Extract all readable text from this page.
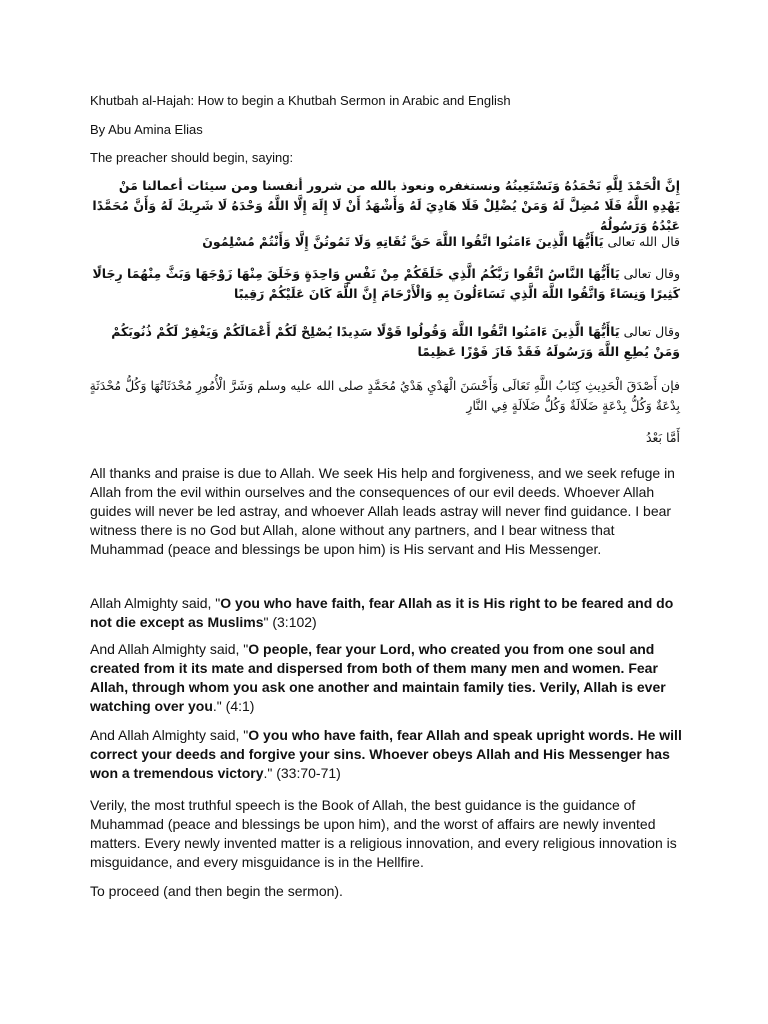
Khutbah al-Hajah: How to begin a Khutbah Sermon in Arabic and English
By Abu Amina Elias
The preacher should begin, saying:
إِنَّ الْحَمْدَ لِلَّهِ نَحْمَدُهُ وَنَسْتَعِينُهُ ونستغفره ونعوذ بالله من شرور أنفسنا ومن سيئات أعمالنا مَنْ يَهْدِهِ اللَّهُ فَلَا مُضِلَّ لَهُ وَمَنْ يُضْلِلْ فَلَا هَادِيَ لَهُ وَأَشْهَدُ أَنْ لَا إِلَهَ إِلَّا اللَّهُ وَحْدَهُ لَا شَرِيكَ لَهُ وَأَنَّ مُحَمَّدًا عَبْدُهُ وَرَسُولُهُ
قال الله تعالى يَاأَيُّهَا الَّذِينَ ءَامَنُوا اتَّقُوا اللَّهَ حَقَّ تُقَاتِهِ وَلَا تَمُوتُنَّ إِلَّا وَأَنْتُمْ مُسْلِمُونَ
وقال تعالى يَاأَيُّهَا النَّاسُ اتَّقُوا رَبَّكُمُ الَّذِي خَلَقَكُمْ مِنْ نَفْسٍ وَاحِدَةٍ وَخَلَقَ مِنْهَا زَوْجَهَا وَبَثَّ مِنْهُمَا رِجَالًا كَثِيرًا وَنِسَاءً وَاتَّقُوا اللَّهَ الَّذِي تَسَاءَلُونَ بِهِ وَالْأَرْحَامَ إِنَّ اللَّهَ كَانَ عَلَيْكُمْ رَقِيبًا
وقال تعالى يَاأَيُّهَا الَّذِينَ ءَامَنُوا اتَّقُوا اللَّهَ وَقُولُوا قَوْلًا سَدِيدًا يُصْلِحْ لَكُمْ أَعْمَالَكُمْ وَيَغْفِرْ لَكُمْ ذُنُوبَكُمْ وَمَنْ يُطِعِ اللَّهَ وَرَسُولَهُ فَقَدْ فَازَ فَوْزًا عَظِيمًا
فإن أَصْدَقَ الْحَدِيثِ كِتَابُ اللَّهِ تَعَالَى وَأَحْسَنَ الْهَدْيِ هَدْيُ مُحَمَّدٍ صلى الله عليه وسلم وَشَرَّ الْأُمُورِ مُحْدَثَاتُهَا وَكُلُّ مُحْدَثَةٍ بِدْعَةٌ وَكُلُّ بِدْعَةٍ ضَلَالَةٌ وَكُلُّ ضَلَالَةٍ فِي النَّارِ
أَمَّا بَعْدُ
All thanks and praise is due to Allah. We seek His help and forgiveness, and we seek refuge in Allah from the evil within ourselves and the consequences of our evil deeds. Whoever Allah guides will never be led astray, and whoever Allah leads astray will never find guidance. I bear witness there is no God but Allah, alone without any partners, and I bear witness that Muhammad (peace and blessings be upon him) is His servant and His Messenger.
Allah Almighty said, "O you who have faith, fear Allah as it is His right to be feared and do not die except as Muslims" (3:102)
And Allah Almighty said, "O people, fear your Lord, who created you from one soul and created from it its mate and dispersed from both of them many men and women. Fear Allah, through whom you ask one another and maintain family ties. Verily, Allah is ever watching over you." (4:1)
And Allah Almighty said, "O you who have faith, fear Allah and speak upright words. He will correct your deeds and forgive your sins. Whoever obeys Allah and His Messenger has won a tremendous victory." (33:70-71)
Verily, the most truthful speech is the Book of Allah, the best guidance is the guidance of Muhammad (peace and blessings be upon him), and the worst of affairs are newly invented matters. Every newly invented matter is a religious innovation, and every religious innovation is misguidance, and every misguidance is in the Hellfire.
To proceed (and then begin the sermon).
